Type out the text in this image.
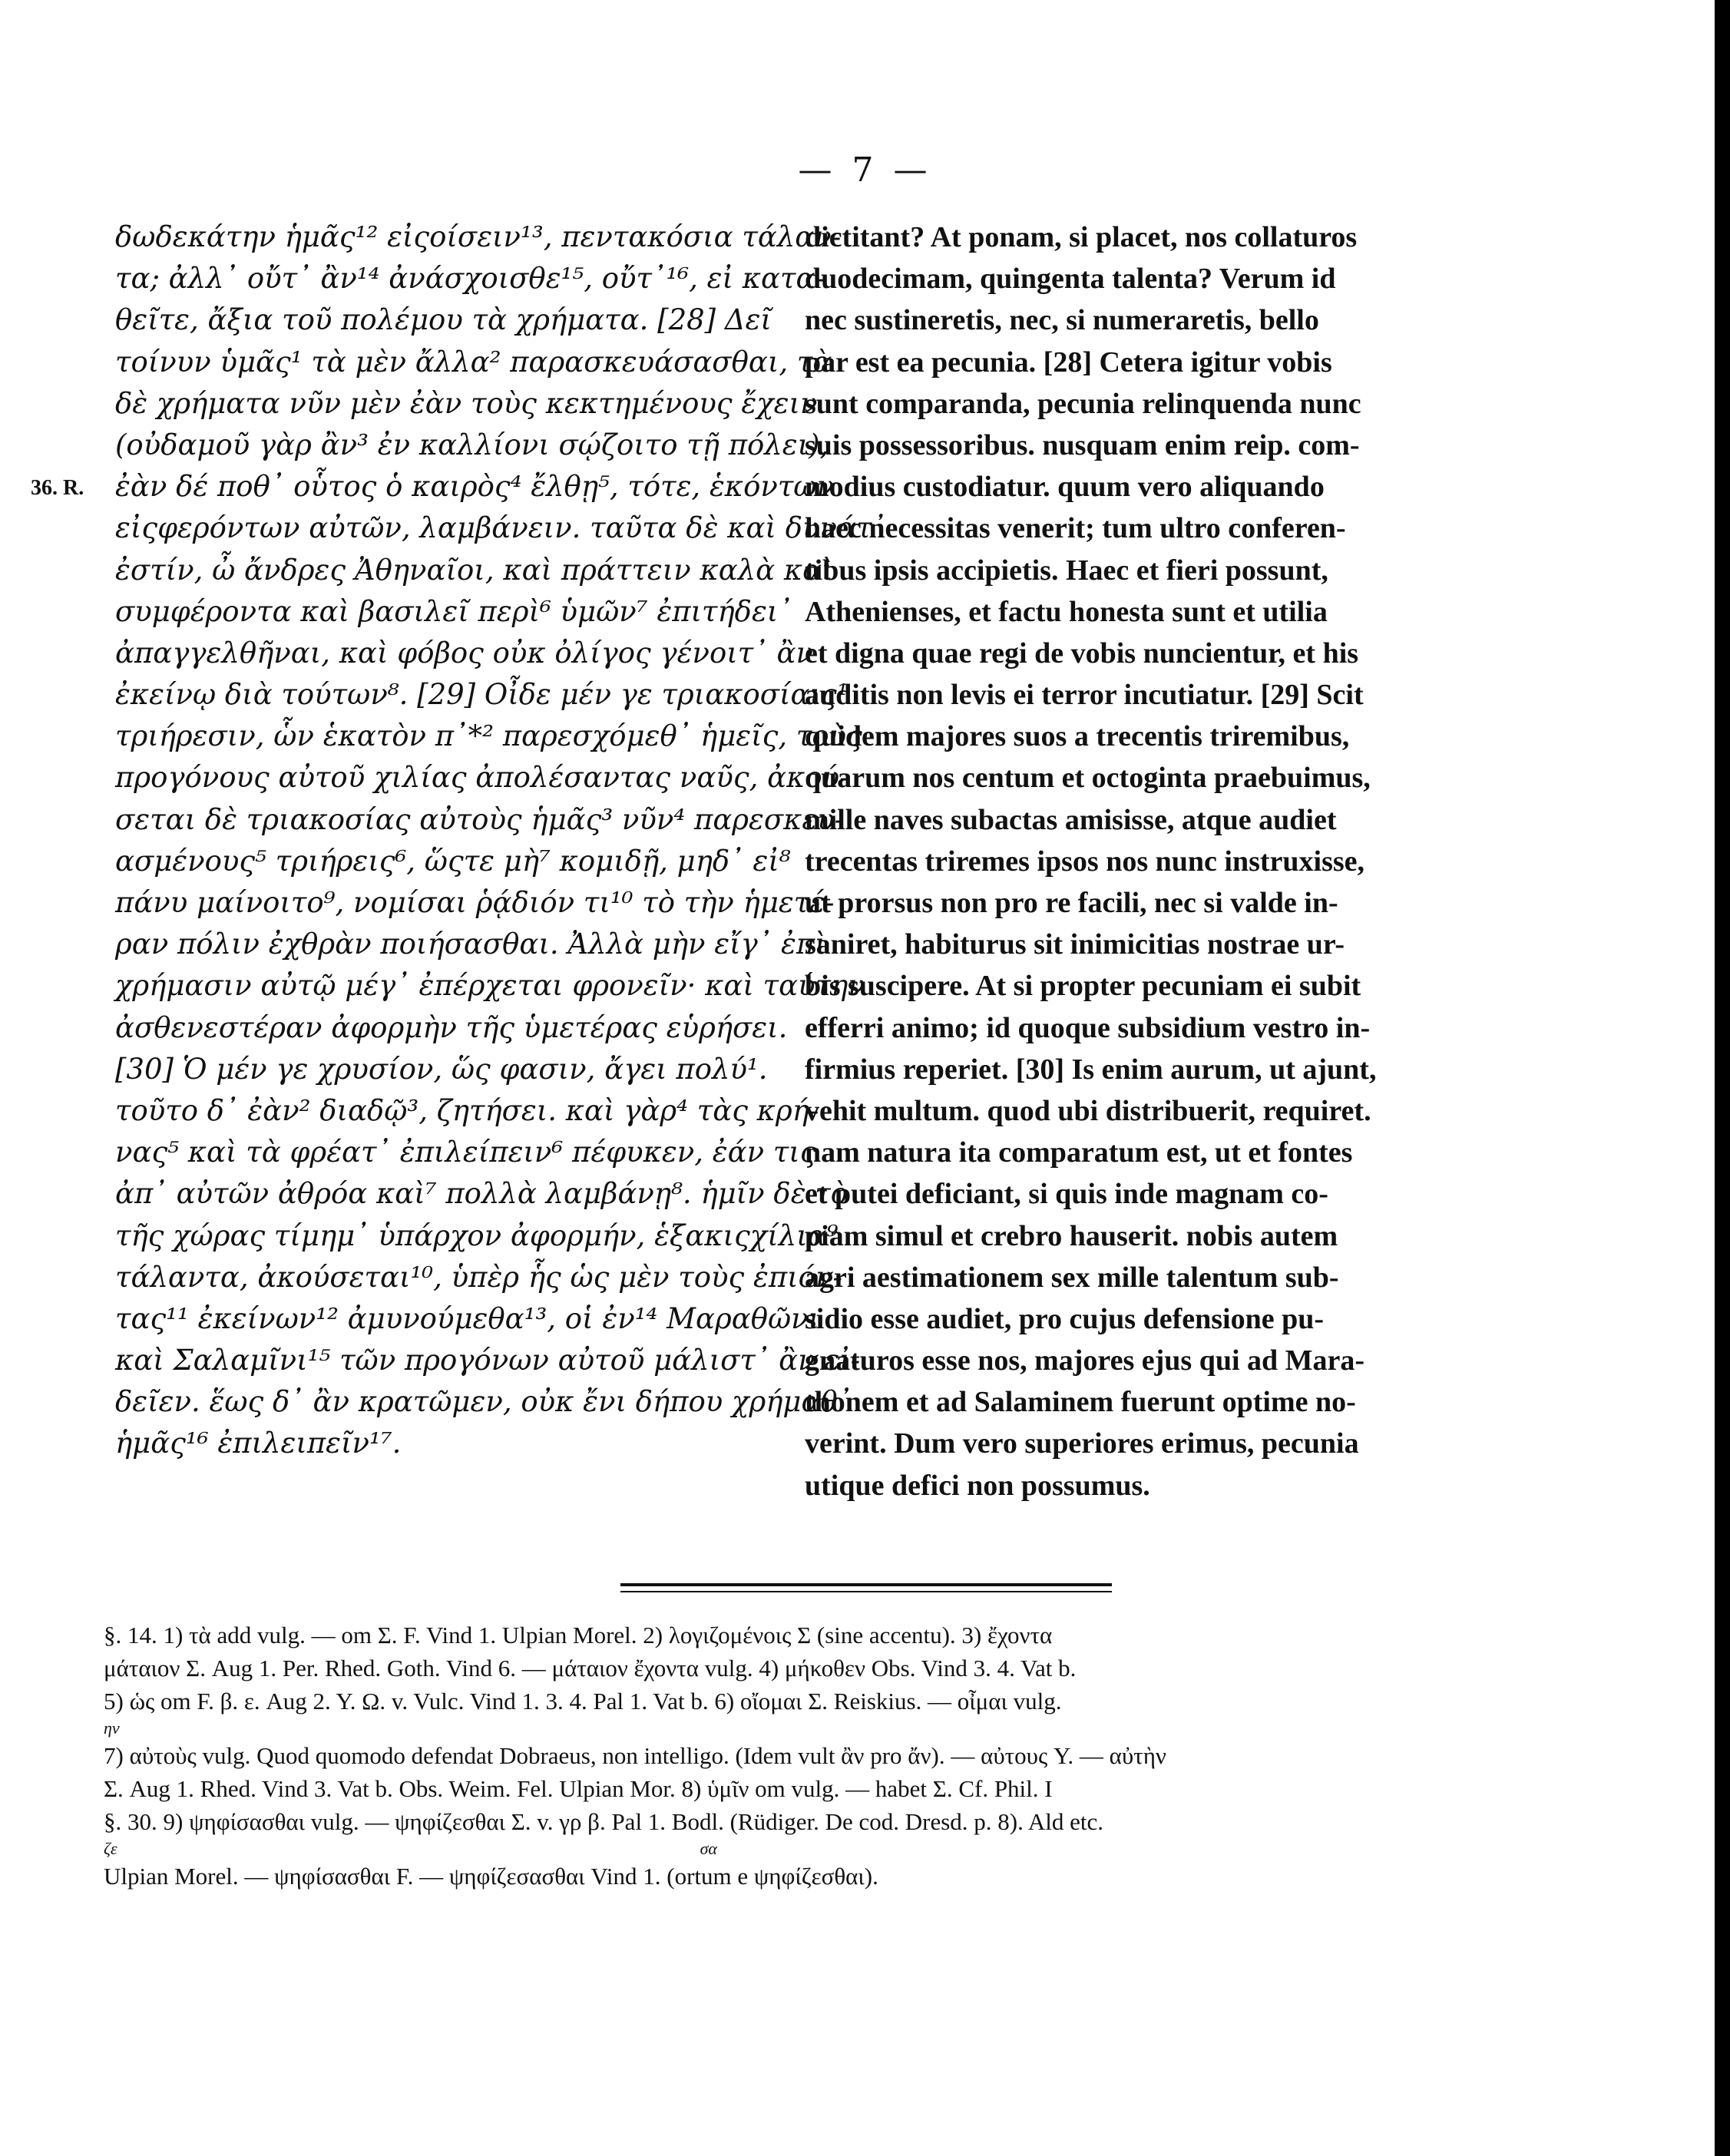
— 7 —
36. R.
δωδεκάτην ἡμᾶς¹² εἰςοίσειν¹³, πεντακόσια τάλαν-
τα; ἀλλ᾽ οὔτ᾽ ἂν¹⁴ ἀνάσχοισθε¹⁵, οὔτ᾽¹⁶, εἰ κατα-
θεῖτε, ἄξια τοῦ πολέμου τὰ χρήματα. [28] Δεῖ
τοίνυν ὑμᾶς¹ τὰ μὲν ἄλλα² παρασκευάσασθαι, τὰ
δὲ χρήματα νῦν μὲν ἐὰν τοὺς κεκτημένους ἔχειν
(οὐδαμοῦ γὰρ ἂν³ ἐν καλλίονι σῴζοιτο τῇ πόλει),
ἐὰν δέ ποθ᾽ οὗτος ὁ καιρὸς⁴ ἔλθῃ⁵, τότε, ἑκόντων
εἰςφερόντων αὐτῶν, λαμβάνειν. ταῦτα δὲ καὶ δυνάτ᾽
ἐστίν, ὦ ἄνδρες Ἀθηναῖοι, καὶ πράττειν καλὰ καὶ
συμφέροντα καὶ βασιλεῖ περὶ⁶ ὑμῶν⁷ ἐπιτήδει᾽
ἀπαγγελθῆναι, καὶ φόβος οὐκ ὀλίγος γένοιτ᾽ ἂν
ἐκείνῳ διὰ τούτων⁸. [29] Οἶδε μέν γε τριακοσίαις¹
τριήρεσιν, ὧν ἑκατὸν π᾽*² παρεσχόμεθ᾽ ἡμεῖς, τοὺς
προγόνους αὐτοῦ χιλίας ἀπολέσαντας ναῦς, ἀκού-
σεται δὲ τριακοσίας αὐτοὺς ἡμᾶς³ νῦν⁴ παρεσκευ-
ασμένους⁵ τριήρεις⁶, ὥςτε μὴ⁷ κομιδῇ, μηδ᾽ εἰ⁸
πάνυ μαίνοιτο⁹, νομίσαι ῥᾴδιόν τι¹⁰ τὸ τὴν ἡμετέ-
ραν πόλιν ἐχθρὰν ποιήσασθαι. Ἀλλὰ μὴν εἴγ᾽ ἐπὶ
χρήμασιν αὐτῷ μέγ᾽ ἐπέρχεται φρονεῖν· καὶ ταύτην
ἀσθενεστέραν ἀφορμὴν τῆς ὑμετέρας εὑρήσει.
[30] Ὁ μέν γε χρυσίον, ὥς φασιν, ἄγει πολύ¹.
τοῦτο δ᾽ ἐὰν² διαδῷ³, ζητήσει. καὶ γὰρ⁴ τὰς κρή-
νας⁵ καὶ τὰ φρέατ᾽ ἐπιλείπειν⁶ πέφυκεν, ἐάν τις
ἀπ᾽ αὐτῶν ἀθρόα καὶ⁷ πολλὰ λαμβάνῃ⁸. ἡμῖν δὲ τὸ
τῆς χώρας τίμημ᾽ ὑπάρχον ἀφορμήν, ἑξακιςχίλια⁹
τάλαντα, ἀκούσεται¹⁰, ὑπὲρ ἧς ὡς μὲν τοὺς ἐπιόν-
τας¹¹ ἐκείνων¹² ἀμυνούμεθα¹³, οἱ ἐν¹⁴ Μαραθῶνι
καὶ Σαλαμῖνι¹⁵ τῶν προγόνων αὐτοῦ μάλιστ᾽ ἂν εἰ-
δεῖεν. ἕως δ᾽ ἂν κρατῶμεν, οὐκ ἔνι δήπου χρήμαθ᾽
ἡμᾶς¹⁶ ἐπιλειπεῖν¹⁷.
dictitant? At ponam, si placet, nos collaturos
duodecimam, quingenta talenta? Verum id
nec sustineretis, nec, si numeraretis, bello
par est ea pecunia. [28] Cetera igitur vobis
sunt comparanda, pecunia relinquenda nunc
suis possessoribus. nusquam enim reip. com-
modius custodiatur. quum vero aliquando
haec necessitas venerit; tum ultro conferen-
tibus ipsis accipietis. Haec et fieri possunt,
Athenienses, et factu honesta sunt et utilia
et digna quae regi de vobis nuncientur, et his
auditis non levis ei terror incutiatur. [29] Scit
quidem majores suos a trecentis triremibus,
quarum nos centum et octoginta praebuimus,
mille naves subactas amisisse, atque audiet
trecentas triremes ipsos nos nunc instruxisse,
ut prorsus non pro re facili, nec si valde in-
saniret, habiturus sit inimicitias nostrae ur-
bis suscipere. At si propter pecuniam ei subit
efferri animo; id quoque subsidium vestro in-
firmius reperiet. [30] Is enim aurum, ut ajunt,
vehit multum. quod ubi distribuerit, requiret.
nam natura ita comparatum est, ut et fontes
et putei deficiant, si quis inde magnam co-
piam simul et crebro hauserit. nobis autem
agri aestimationem sex mille talentum sub-
sidio esse audiet, pro cujus defensione pu-
gnaturos esse nos, majores ejus qui ad Mara-
thonem et ad Salaminem fuerunt optime no-
verint. Dum vero superiores erimus, pecunia
utique defici non possumus.
§. 14. 1) τὰ add vulg. — om Σ. F. Vind 1. Ulpian Morel. 2) λογιζομένοις Σ (sine accentu). 3) ἔχοντα
μάταιον Σ. Aug 1. Per. Rhed. Goth. Vind 6. — μάταιον ἔχοντα vulg. 4) μήκοθεν Obs. Vind 3. 4. Vat b.
5) ὡς om F. β. ε. Aug 2. Y. Ω. v. Vulc. Vind 1. 3. 4. Pal 1. Vat b. 6) οἴομαι Σ. Reiskius. — οἶμαι vulg.
ην
7) αὐτοὺς vulg. Quod quomodo defendat Dobraeus, non intelligo. (Idem vult ἂν pro ἄν). — αὐτους Y. — αὐτὴν
Σ. Aug 1. Rhed. Vind 3. Vat b. Obs. Weim. Fel. Ulpian Mor. 8) ὑμῖν om vulg. — habet Σ. Cf. Phil. I
§. 30. 9) ψηφίσασθαι vulg. — ψηφίζεσθαι Σ. v. γρ β. Pal 1. Bodl. (Rüdiger. De cod. Dresd. p. 8). Ald etc.
ζε                                                                                                                                          σα
Ulpian Morel. — ψηφίσασθαι F. — ψηφίζεσασθαι Vind 1. (ortum e ψηφίζεσθαι).
